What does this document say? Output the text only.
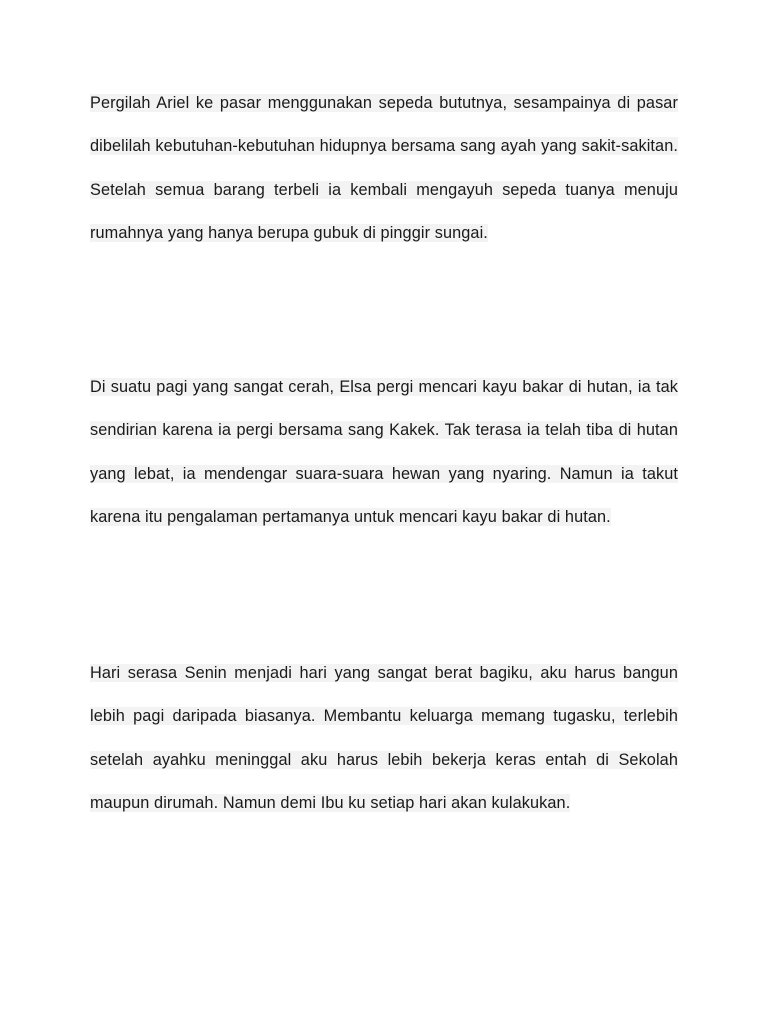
Pergilah Ariel ke pasar menggunakan sepeda bututnya, sesampainya di pasar dibelilah kebutuhan-kebutuhan hidupnya bersama sang ayah yang sakit-sakitan. Setelah semua barang terbeli ia kembali mengayuh sepeda tuanya menuju rumahnya yang hanya berupa gubuk di pinggir sungai.

Di suatu pagi yang sangat cerah, Elsa pergi mencari kayu bakar di hutan, ia tak sendirian karena ia pergi bersama sang Kakek. Tak terasa ia telah tiba di hutan yang lebat, ia mendengar suara-suara hewan yang nyaring. Namun ia takut karena itu pengalaman pertamanya untuk mencari kayu bakar di hutan.

Hari serasa Senin menjadi hari yang sangat berat bagiku, aku harus bangun lebih pagi daripada biasanya. Membantu keluarga memang tugasku, terlebih setelah ayahku meninggal aku harus lebih bekerja keras entah di Sekolah maupun dirumah. Namun demi Ibu ku setiap hari akan kulakukan.
